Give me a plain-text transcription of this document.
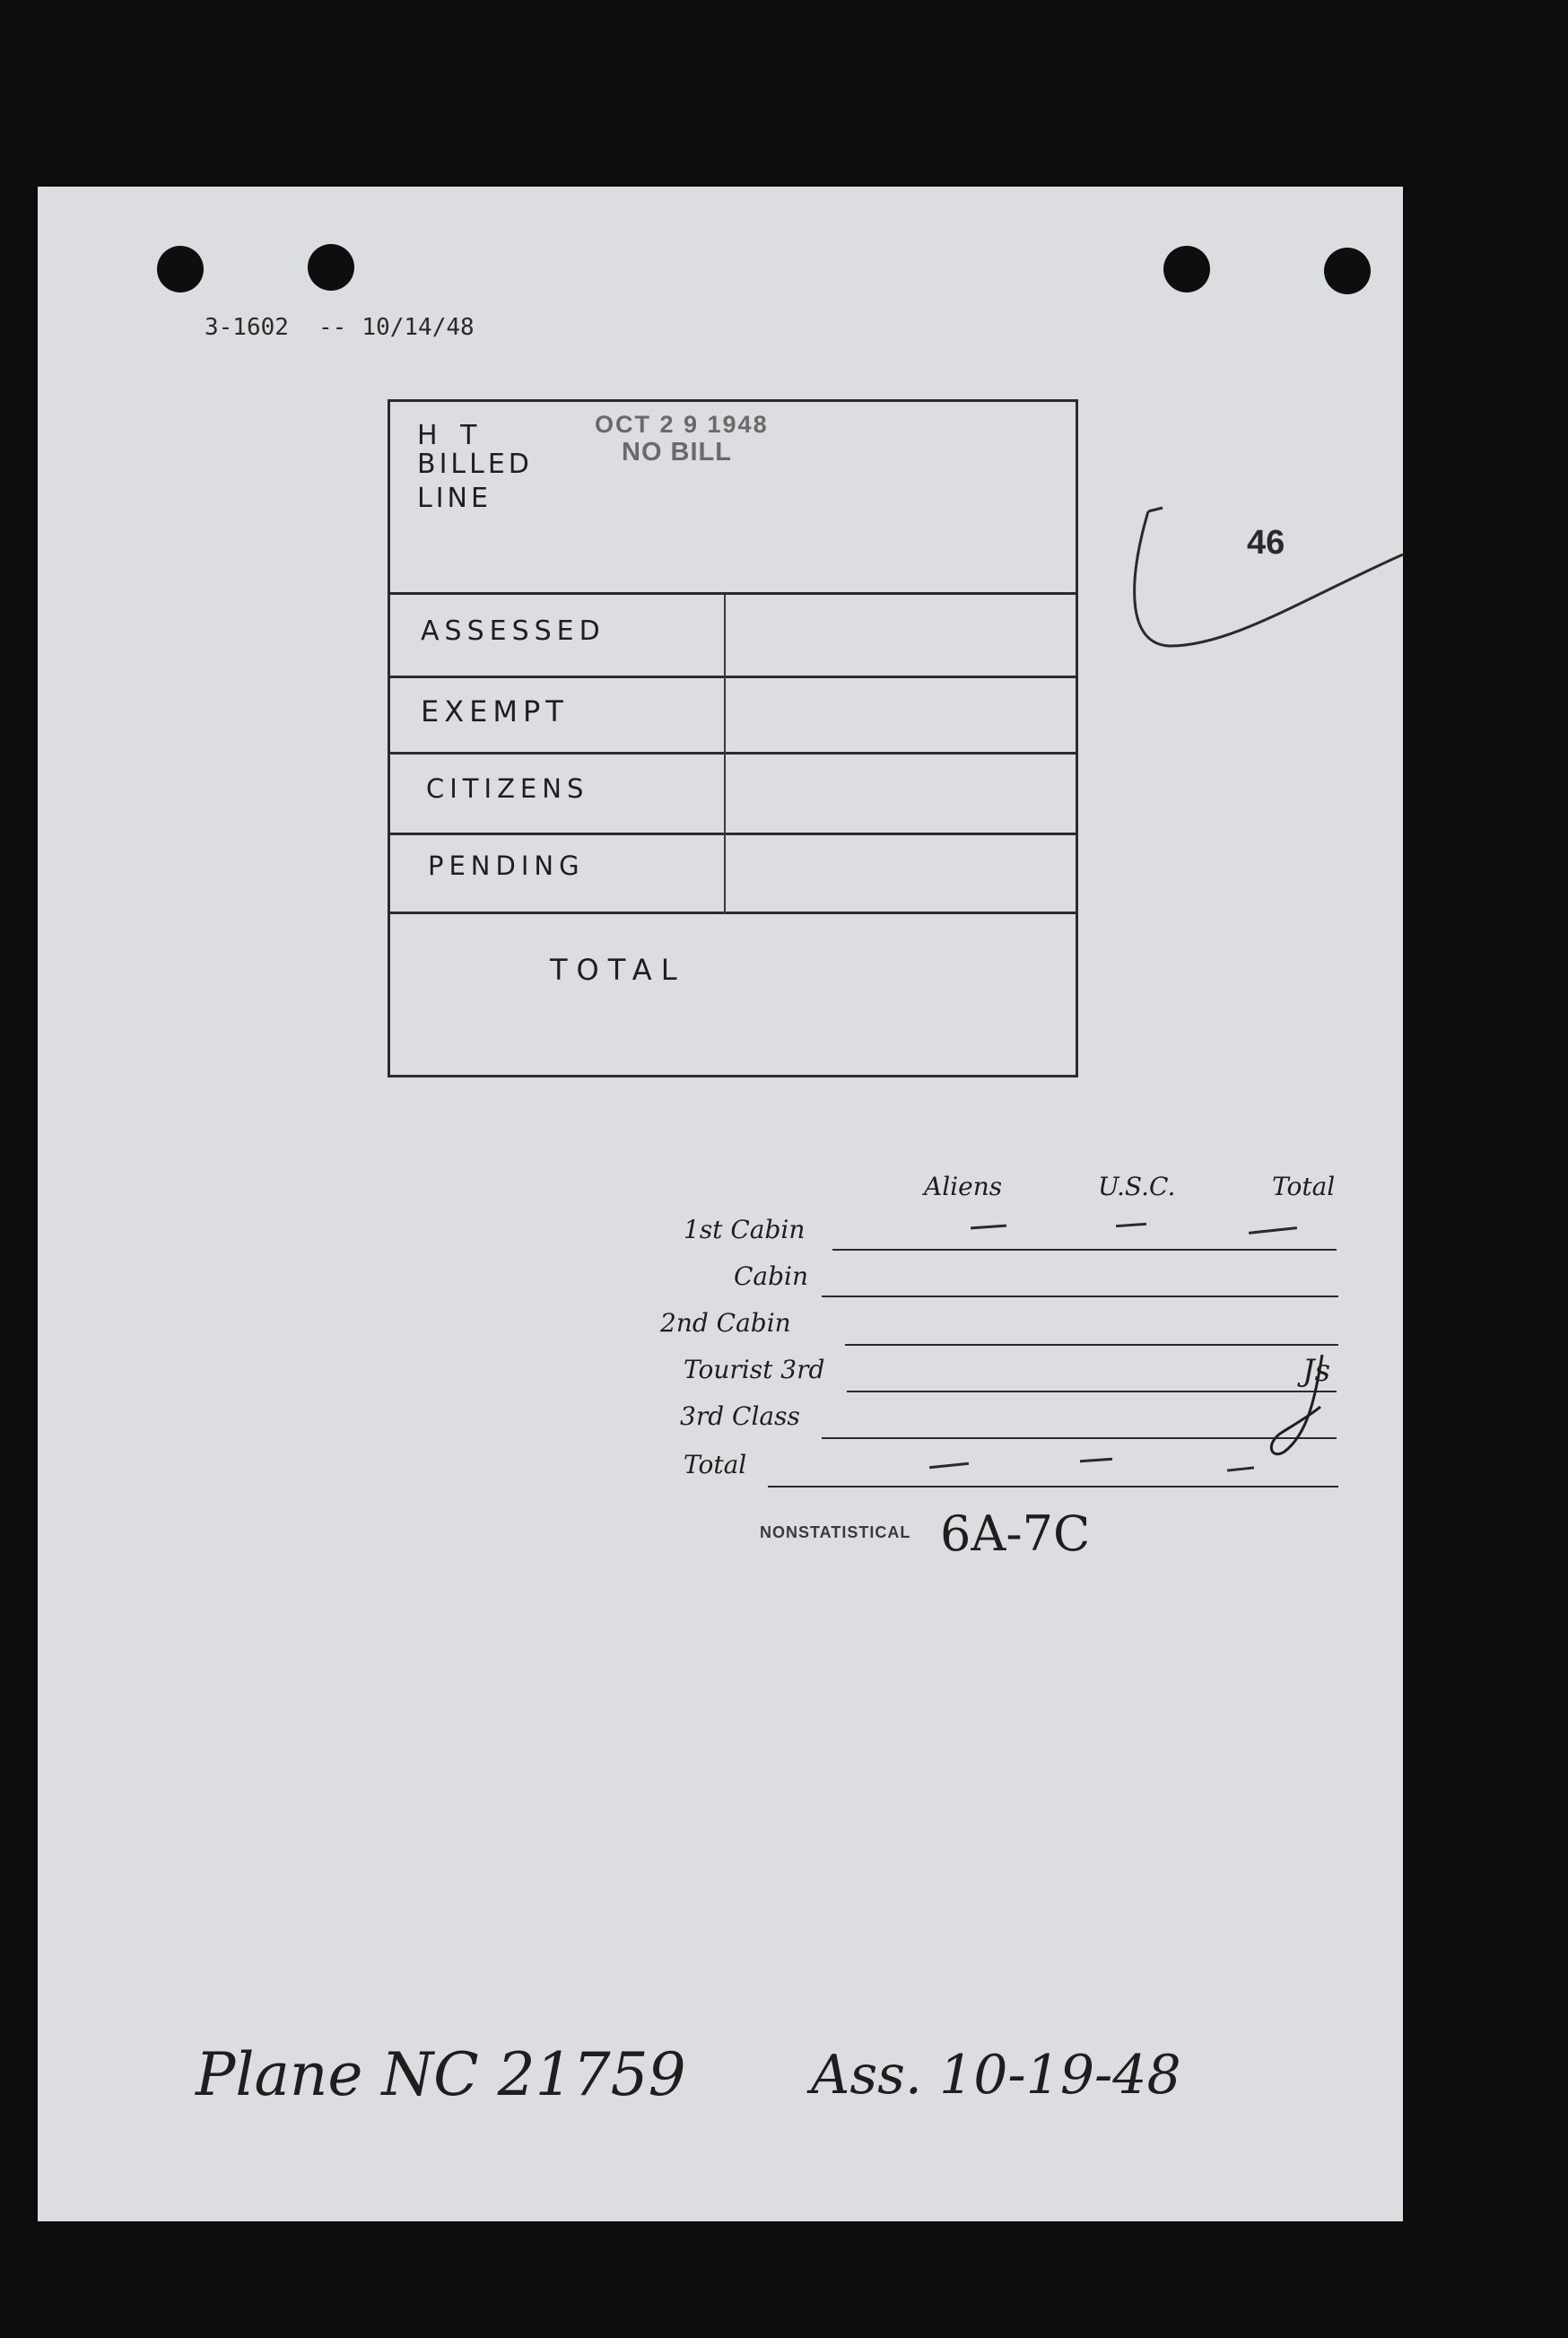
3-1602 -- 10/14/48
H T
BILLED
LINE
OCT 2 9 1948
NO BILL
ASSESSED
EXEMPT
CITIZENS
PENDING
TOTAL
46
Aliens	U.S.C.	Total
1st Cabin
Cabin
2nd Cabin
Tourist 3rd
3rd Class
Total
Js
NONSTATISTICAL 6A-7C
Plane NC 21759 Ass. 10-19-48
